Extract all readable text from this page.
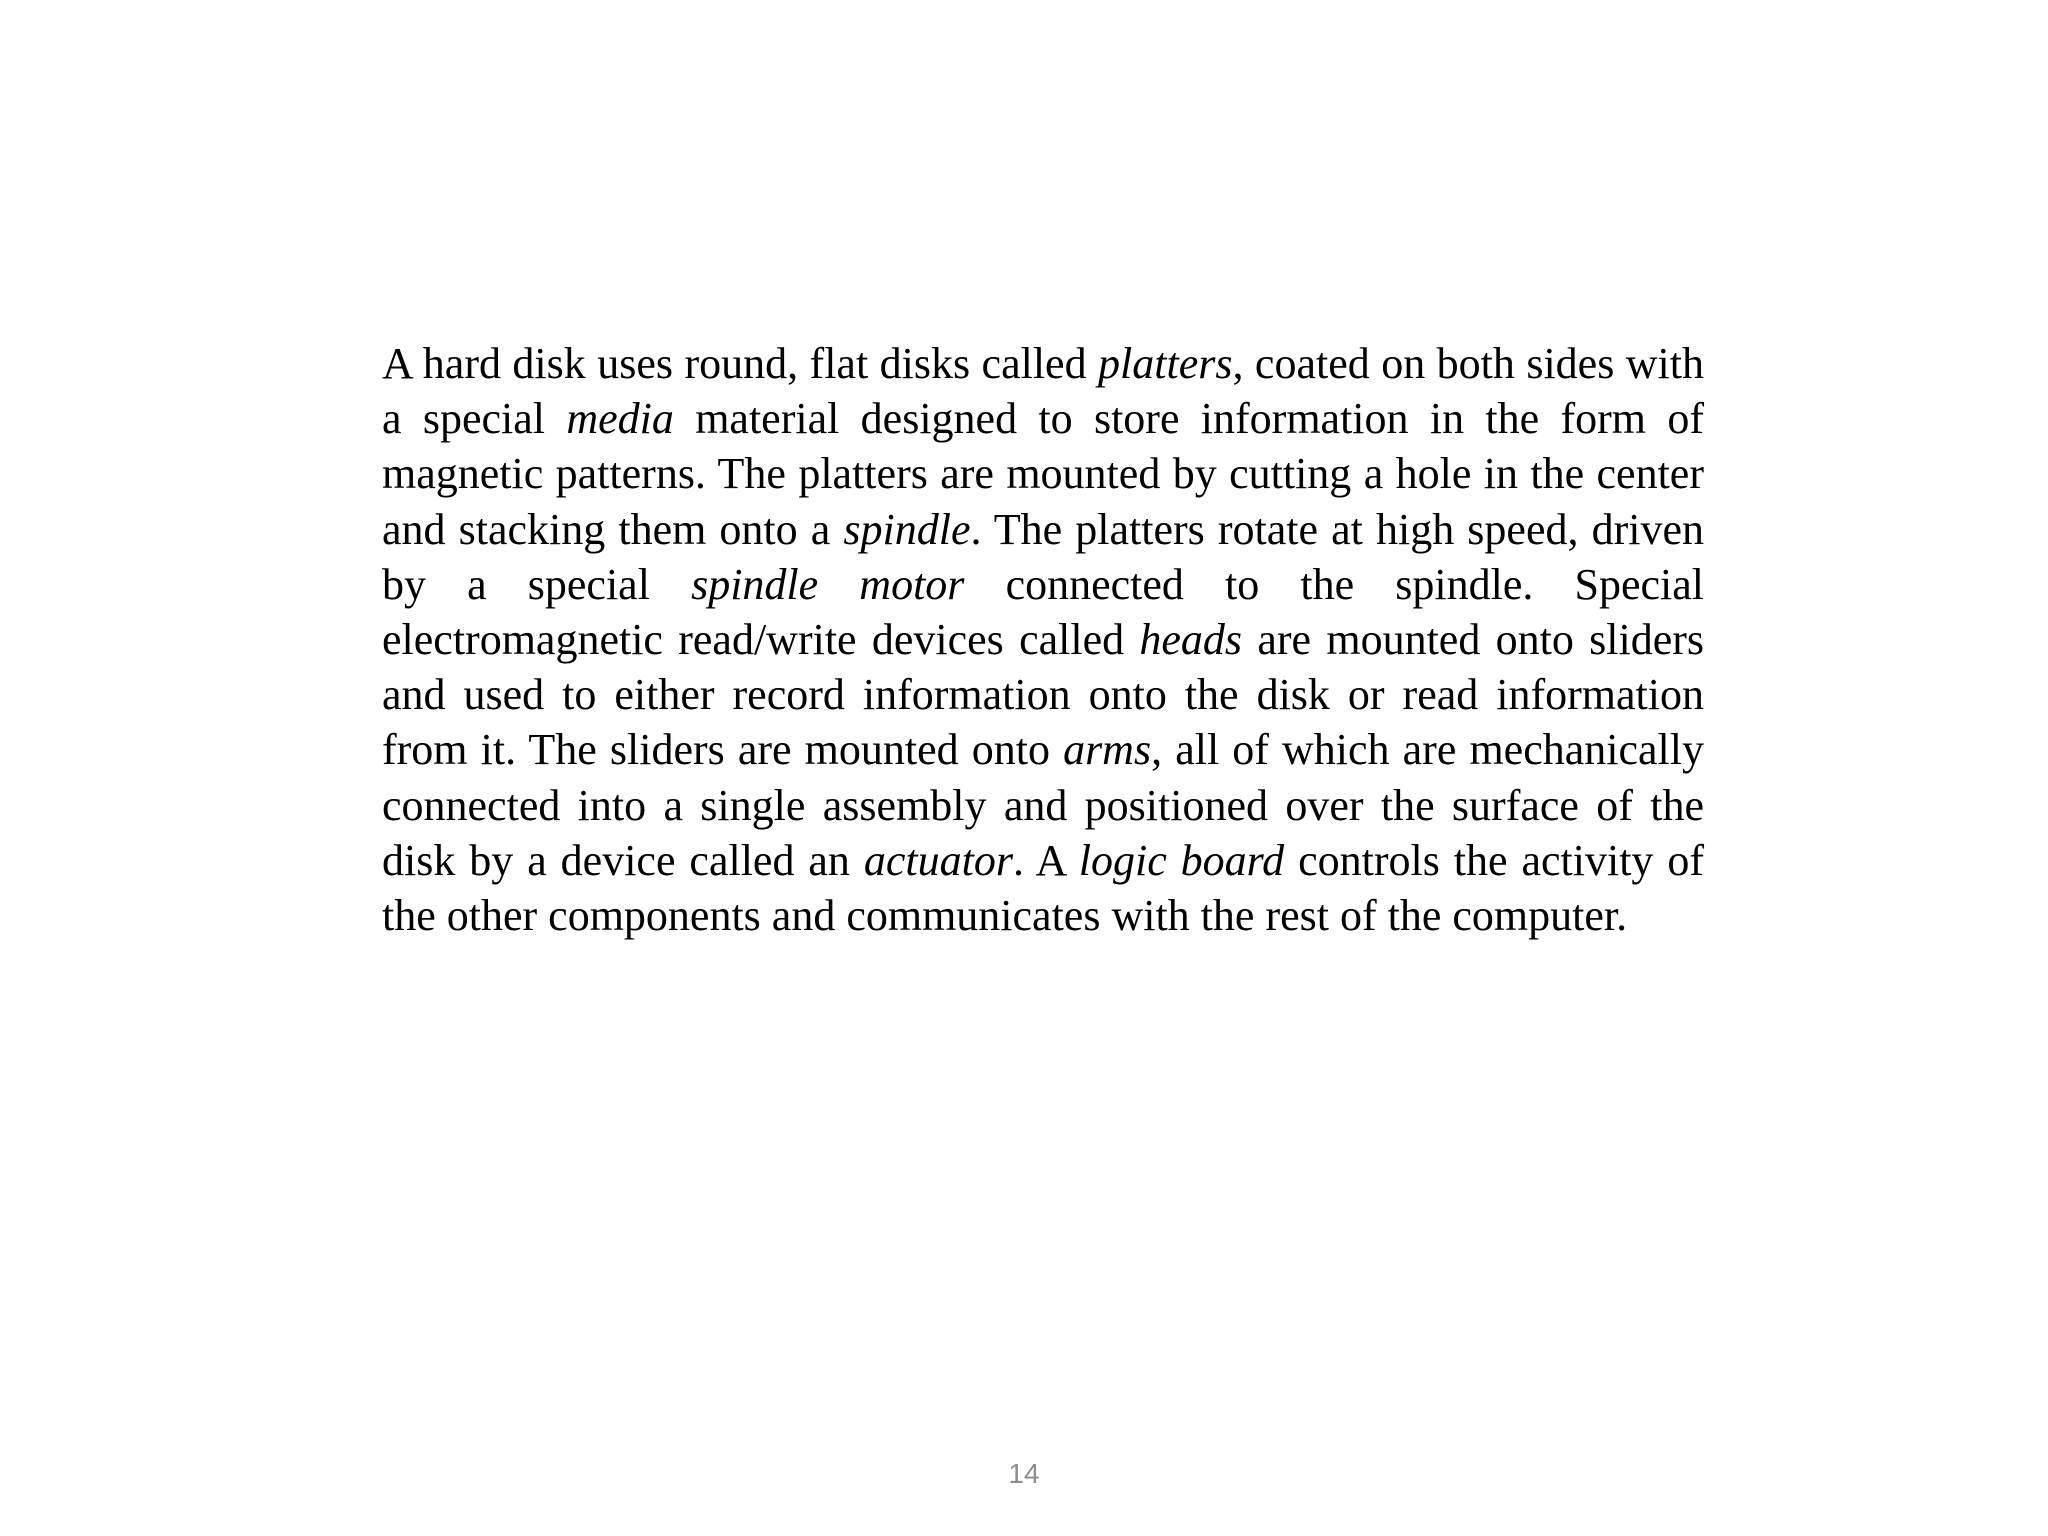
A hard disk uses round, flat disks called platters, coated on both sides with a special media material designed to store information in the form of magnetic patterns. The platters are mounted by cutting a hole in the center and stacking them onto a spindle. The platters rotate at high speed, driven by a special spindle motor connected to the spindle. Special electromagnetic read/write devices called heads are mounted onto sliders and used to either record information onto the disk or read information from it. The sliders are mounted onto arms, all of which are mechanically connected into a single assembly and positioned over the surface of the disk by a device called an actuator. A logic board controls the activity of the other components and communicates with the rest of the computer.

14
